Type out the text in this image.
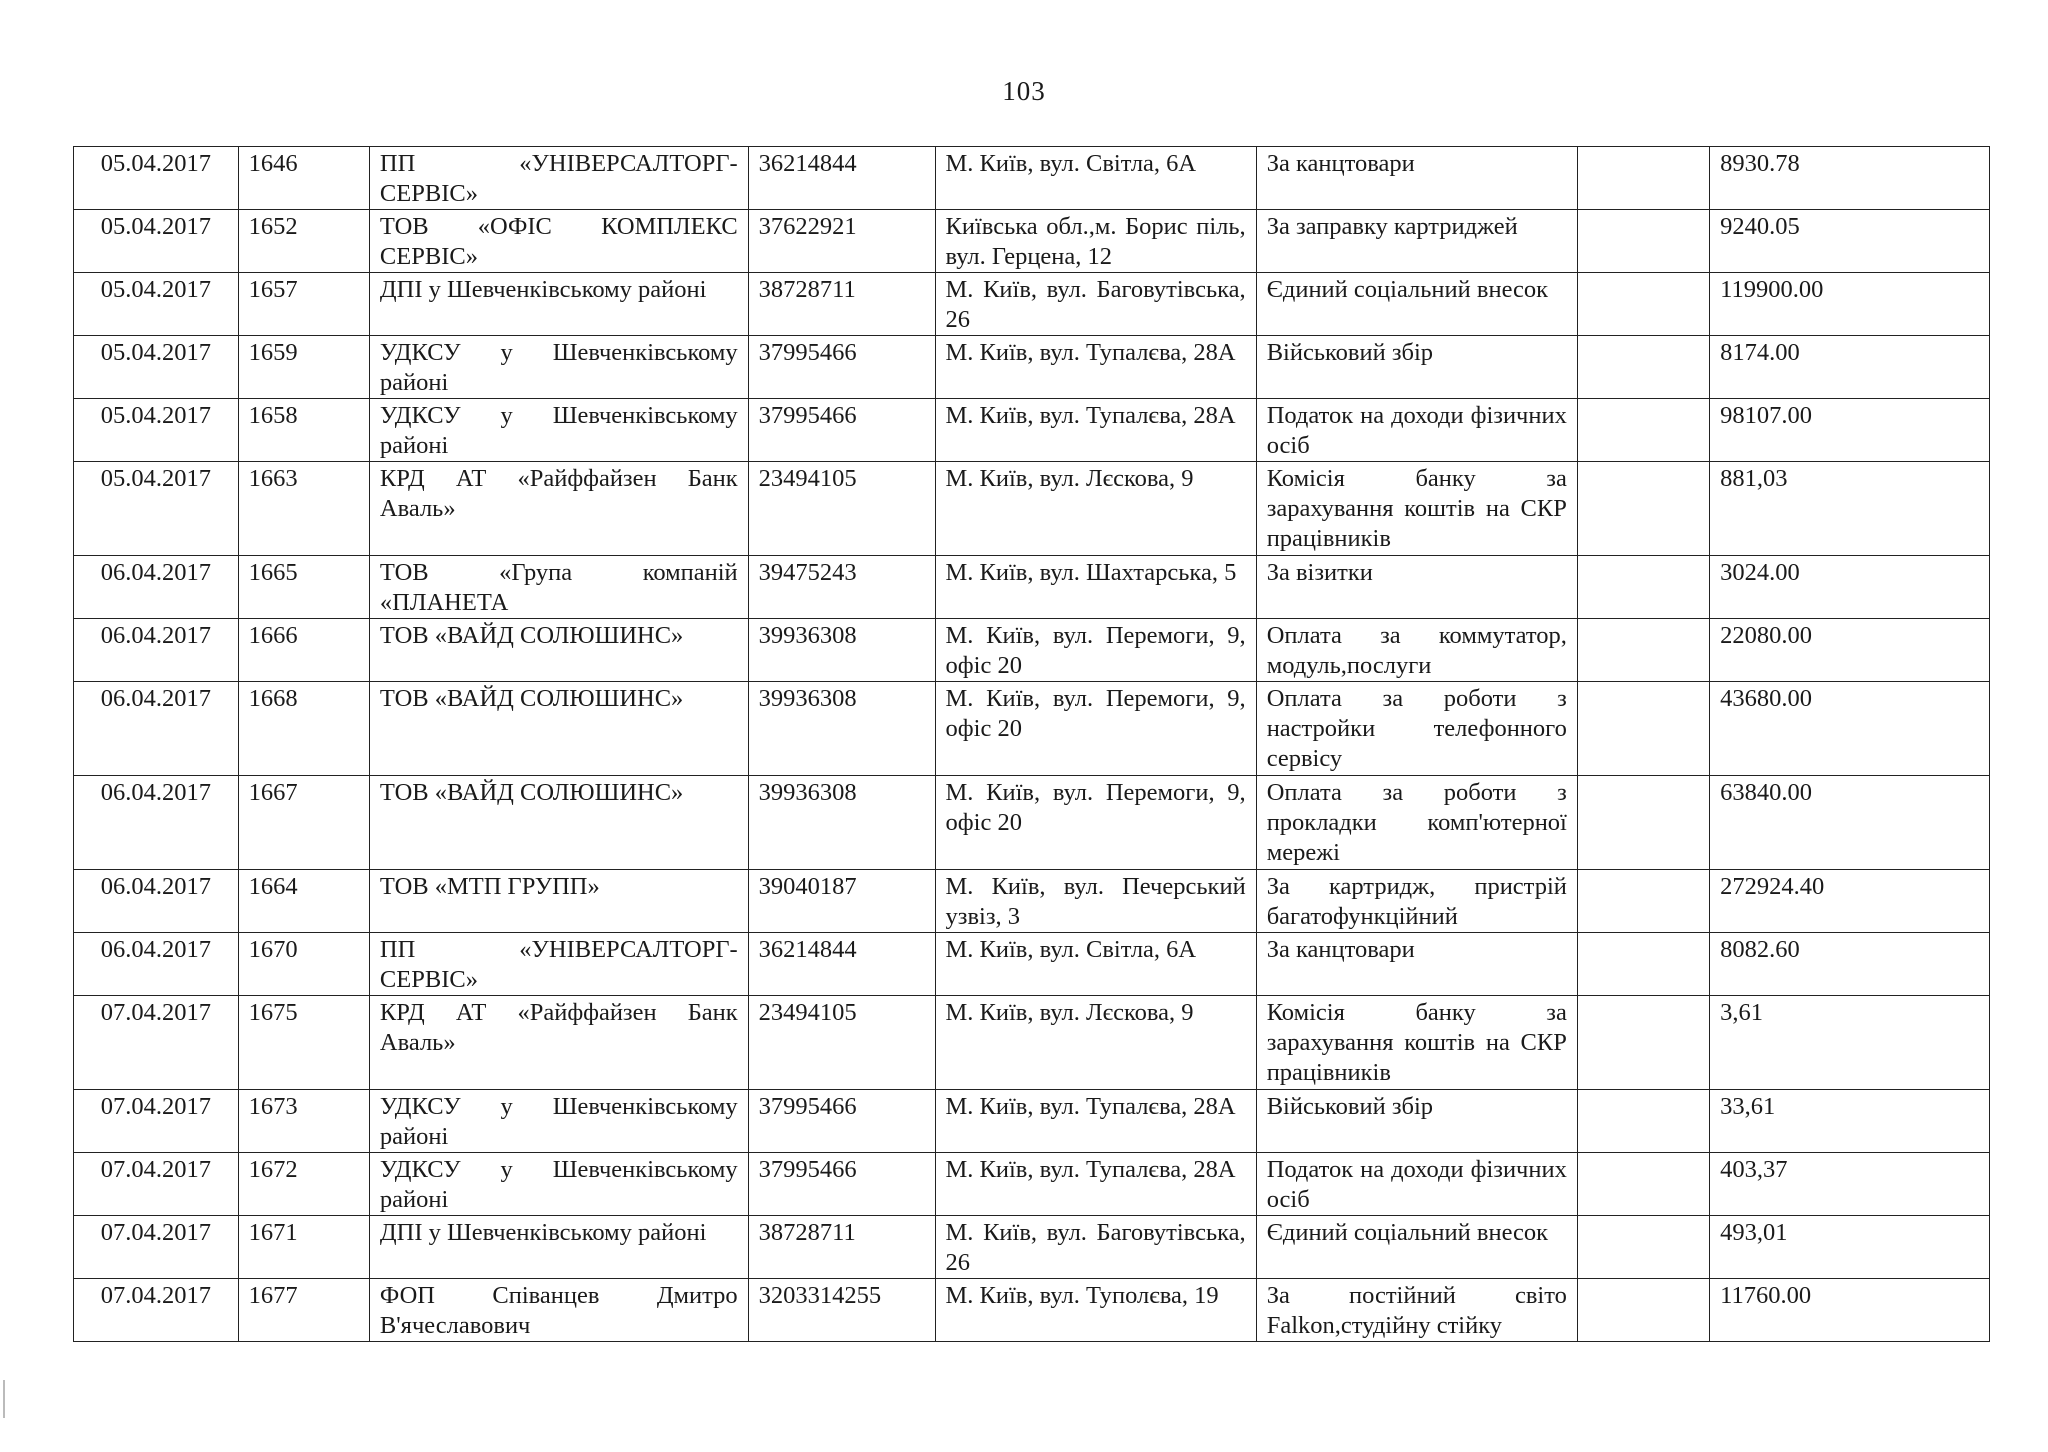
103
05.04.2017	1646	ПП «УНІВЕРСАЛТОРГ-СЕРВІС»	36214844	М. Київ, вул. Світла, 6А	За канцтовари		8930.78
05.04.2017	1652	ТОВ «ОФІС КОМПЛЕКС СЕРВІС»	37622921	Київська обл.,м. Борис піль, вул. Герцена, 12	За заправку картриджей		9240.05
05.04.2017	1657	ДПІ у Шевченківському районі	38728711	М. Київ, вул. Баговутівська, 26	Єдиний соціальний внесок		119900.00
05.04.2017	1659	УДКСУ у Шевченківському районі	37995466	М. Київ, вул. Тупалєва, 28А	Військовий збір		8174.00
05.04.2017	1658	УДКСУ у Шевченківському районі	37995466	М. Київ, вул. Тупалєва, 28А	Податок на доходи фізичних осіб		98107.00
05.04.2017	1663	КРД АТ «Райффайзен Банк Аваль»	23494105	М. Київ, вул. Лєскова, 9	Комісія банку за зарахування коштів на СКР працівників		881,03
06.04.2017	1665	ТОВ «Група компаній «ПЛАНЕТА	39475243	М. Київ, вул. Шахтарська, 5	За візитки		3024.00
06.04.2017	1666	ТОВ «ВАЙД СОЛЮШИНС»	39936308	М. Київ, вул. Перемоги, 9, офіс 20	Оплата за коммутатор, модуль,послуги		22080.00
06.04.2017	1668	ТОВ «ВАЙД СОЛЮШИНС»	39936308	М. Київ, вул. Перемоги, 9, офіс 20	Оплата за роботи з настройки телефонного сервісу		43680.00
06.04.2017	1667	ТОВ «ВАЙД СОЛЮШИНС»	39936308	М. Київ, вул. Перемоги, 9, офіс 20	Оплата за роботи з прокладки комп'ютерної мережі		63840.00
06.04.2017	1664	ТОВ «МТП ГРУПП»	39040187	М. Київ, вул. Печерський узвіз, 3	За картридж, пристрій багатофункційний		272924.40
06.04.2017	1670	ПП «УНІВЕРСАЛТОРГ-СЕРВІС»	36214844	М. Київ, вул. Світла, 6А	За канцтовари		8082.60
07.04.2017	1675	КРД АТ «Райффайзен Банк Аваль»	23494105	М. Київ, вул. Лєскова, 9	Комісія банку за зарахування коштів на СКР працівників		3,61
07.04.2017	1673	УДКСУ у Шевченківському районі	37995466	М. Київ, вул. Тупалєва, 28А	Військовий збір		33,61
07.04.2017	1672	УДКСУ у Шевченківському районі	37995466	М. Київ, вул. Тупалєва, 28А	Податок на доходи фізичних осіб		403,37
07.04.2017	1671	ДПІ у Шевченківському районі	38728711	М. Київ, вул. Баговутівська, 26	Єдиний соціальний внесок		493,01
07.04.2017	1677	ФОП Співанцев Дмитро В'ячеславович	3203314255	М. Київ, вул. Туполєва, 19	За постійний світо Falkon,студійну стійку		11760.00
